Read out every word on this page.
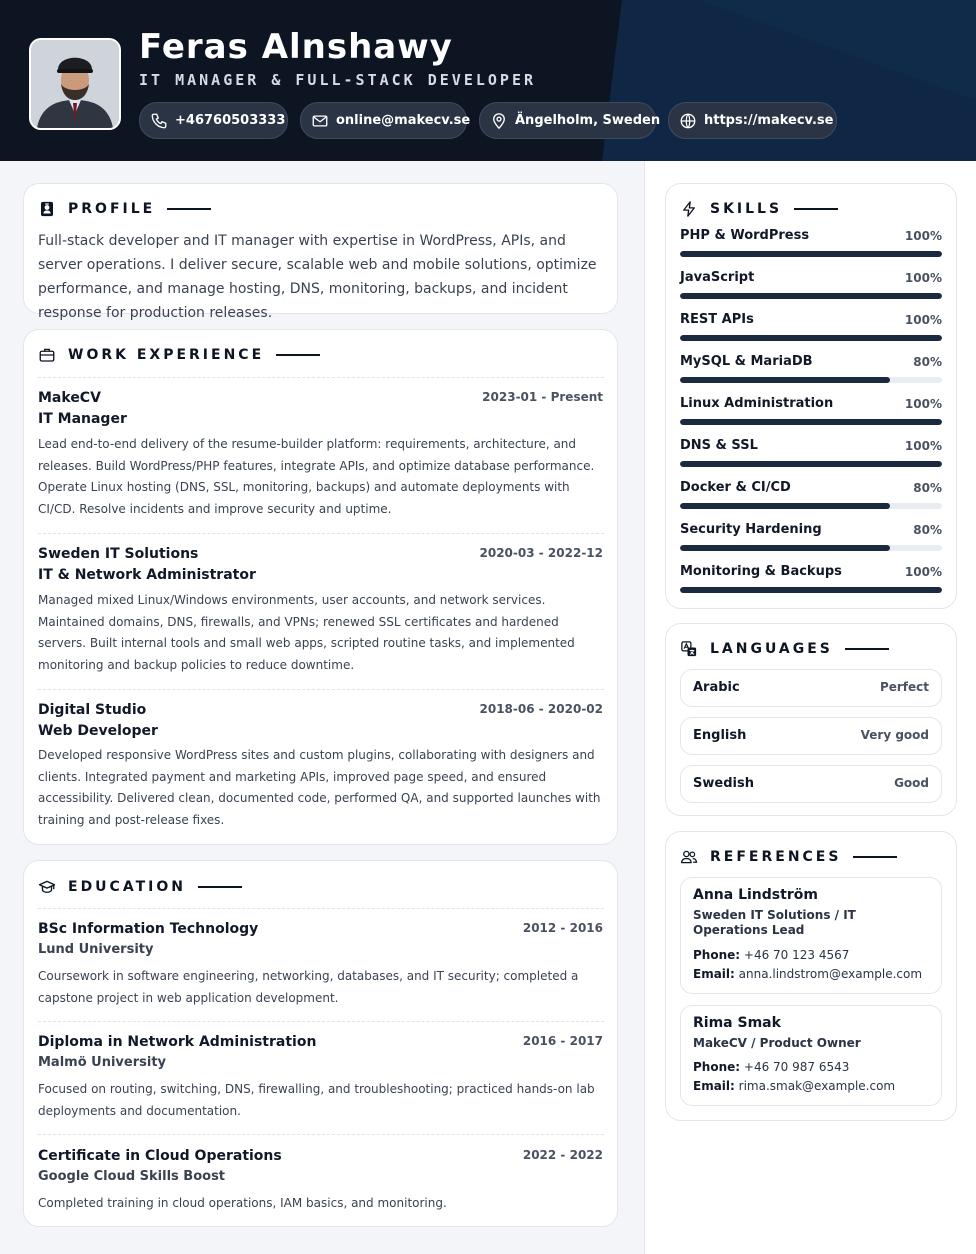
Feras Alnshawy
IT MANAGER & FULL-STACK DEVELOPER
+46760503333	online@makecv.se	Ängelholm, Sweden	https://makecv.se
PROFILE
Full-stack developer and IT manager with expertise in WordPress, APIs, and server operations. I deliver secure, scalable web and mobile solutions, optimize performance, and manage hosting, DNS, monitoring, backups, and incident response for production releases.
WORK EXPERIENCE
MakeCV	2023-01 - Present
IT Manager
Lead end-to-end delivery of the resume-builder platform: requirements, architecture, and releases. Build WordPress/PHP features, integrate APIs, and optimize database performance. Operate Linux hosting (DNS, SSL, monitoring, backups) and automate deployments with CI/CD. Resolve incidents and improve security and uptime.
Sweden IT Solutions	2020-03 - 2022-12
IT & Network Administrator
Managed mixed Linux/Windows environments, user accounts, and network services. Maintained domains, DNS, firewalls, and VPNs; renewed SSL certificates and hardened servers. Built internal tools and small web apps, scripted routine tasks, and implemented monitoring and backup policies to reduce downtime.
Digital Studio	2018-06 - 2020-02
Web Developer
Developed responsive WordPress sites and custom plugins, collaborating with designers and clients. Integrated payment and marketing APIs, improved page speed, and ensured accessibility. Delivered clean, documented code, performed QA, and supported launches with training and post-release fixes.
EDUCATION
BSc Information Technology	2012 - 2016
Lund University
Coursework in software engineering, networking, databases, and IT security; completed a capstone project in web application development.
Diploma in Network Administration	2016 - 2017
Malmö University
Focused on routing, switching, DNS, firewalling, and troubleshooting; practiced hands-on lab deployments and documentation.
Certificate in Cloud Operations	2022 - 2022
Google Cloud Skills Boost
Completed training in cloud operations, IAM basics, and monitoring.
SKILLS
PHP & WordPress	100%
JavaScript	100%
REST APIs	100%
MySQL & MariaDB	80%
Linux Administration	100%
DNS & SSL	100%
Docker & CI/CD	80%
Security Hardening	80%
Monitoring & Backups	100%
LANGUAGES
Arabic	Perfect
English	Very good
Swedish	Good
REFERENCES
Anna Lindström
Sweden IT Solutions / IT Operations Lead
Phone: +46 70 123 4567
Email: anna.lindstrom@example.com
Rima Smak
MakeCV / Product Owner
Phone: +46 70 987 6543
Email: rima.smak@example.com
